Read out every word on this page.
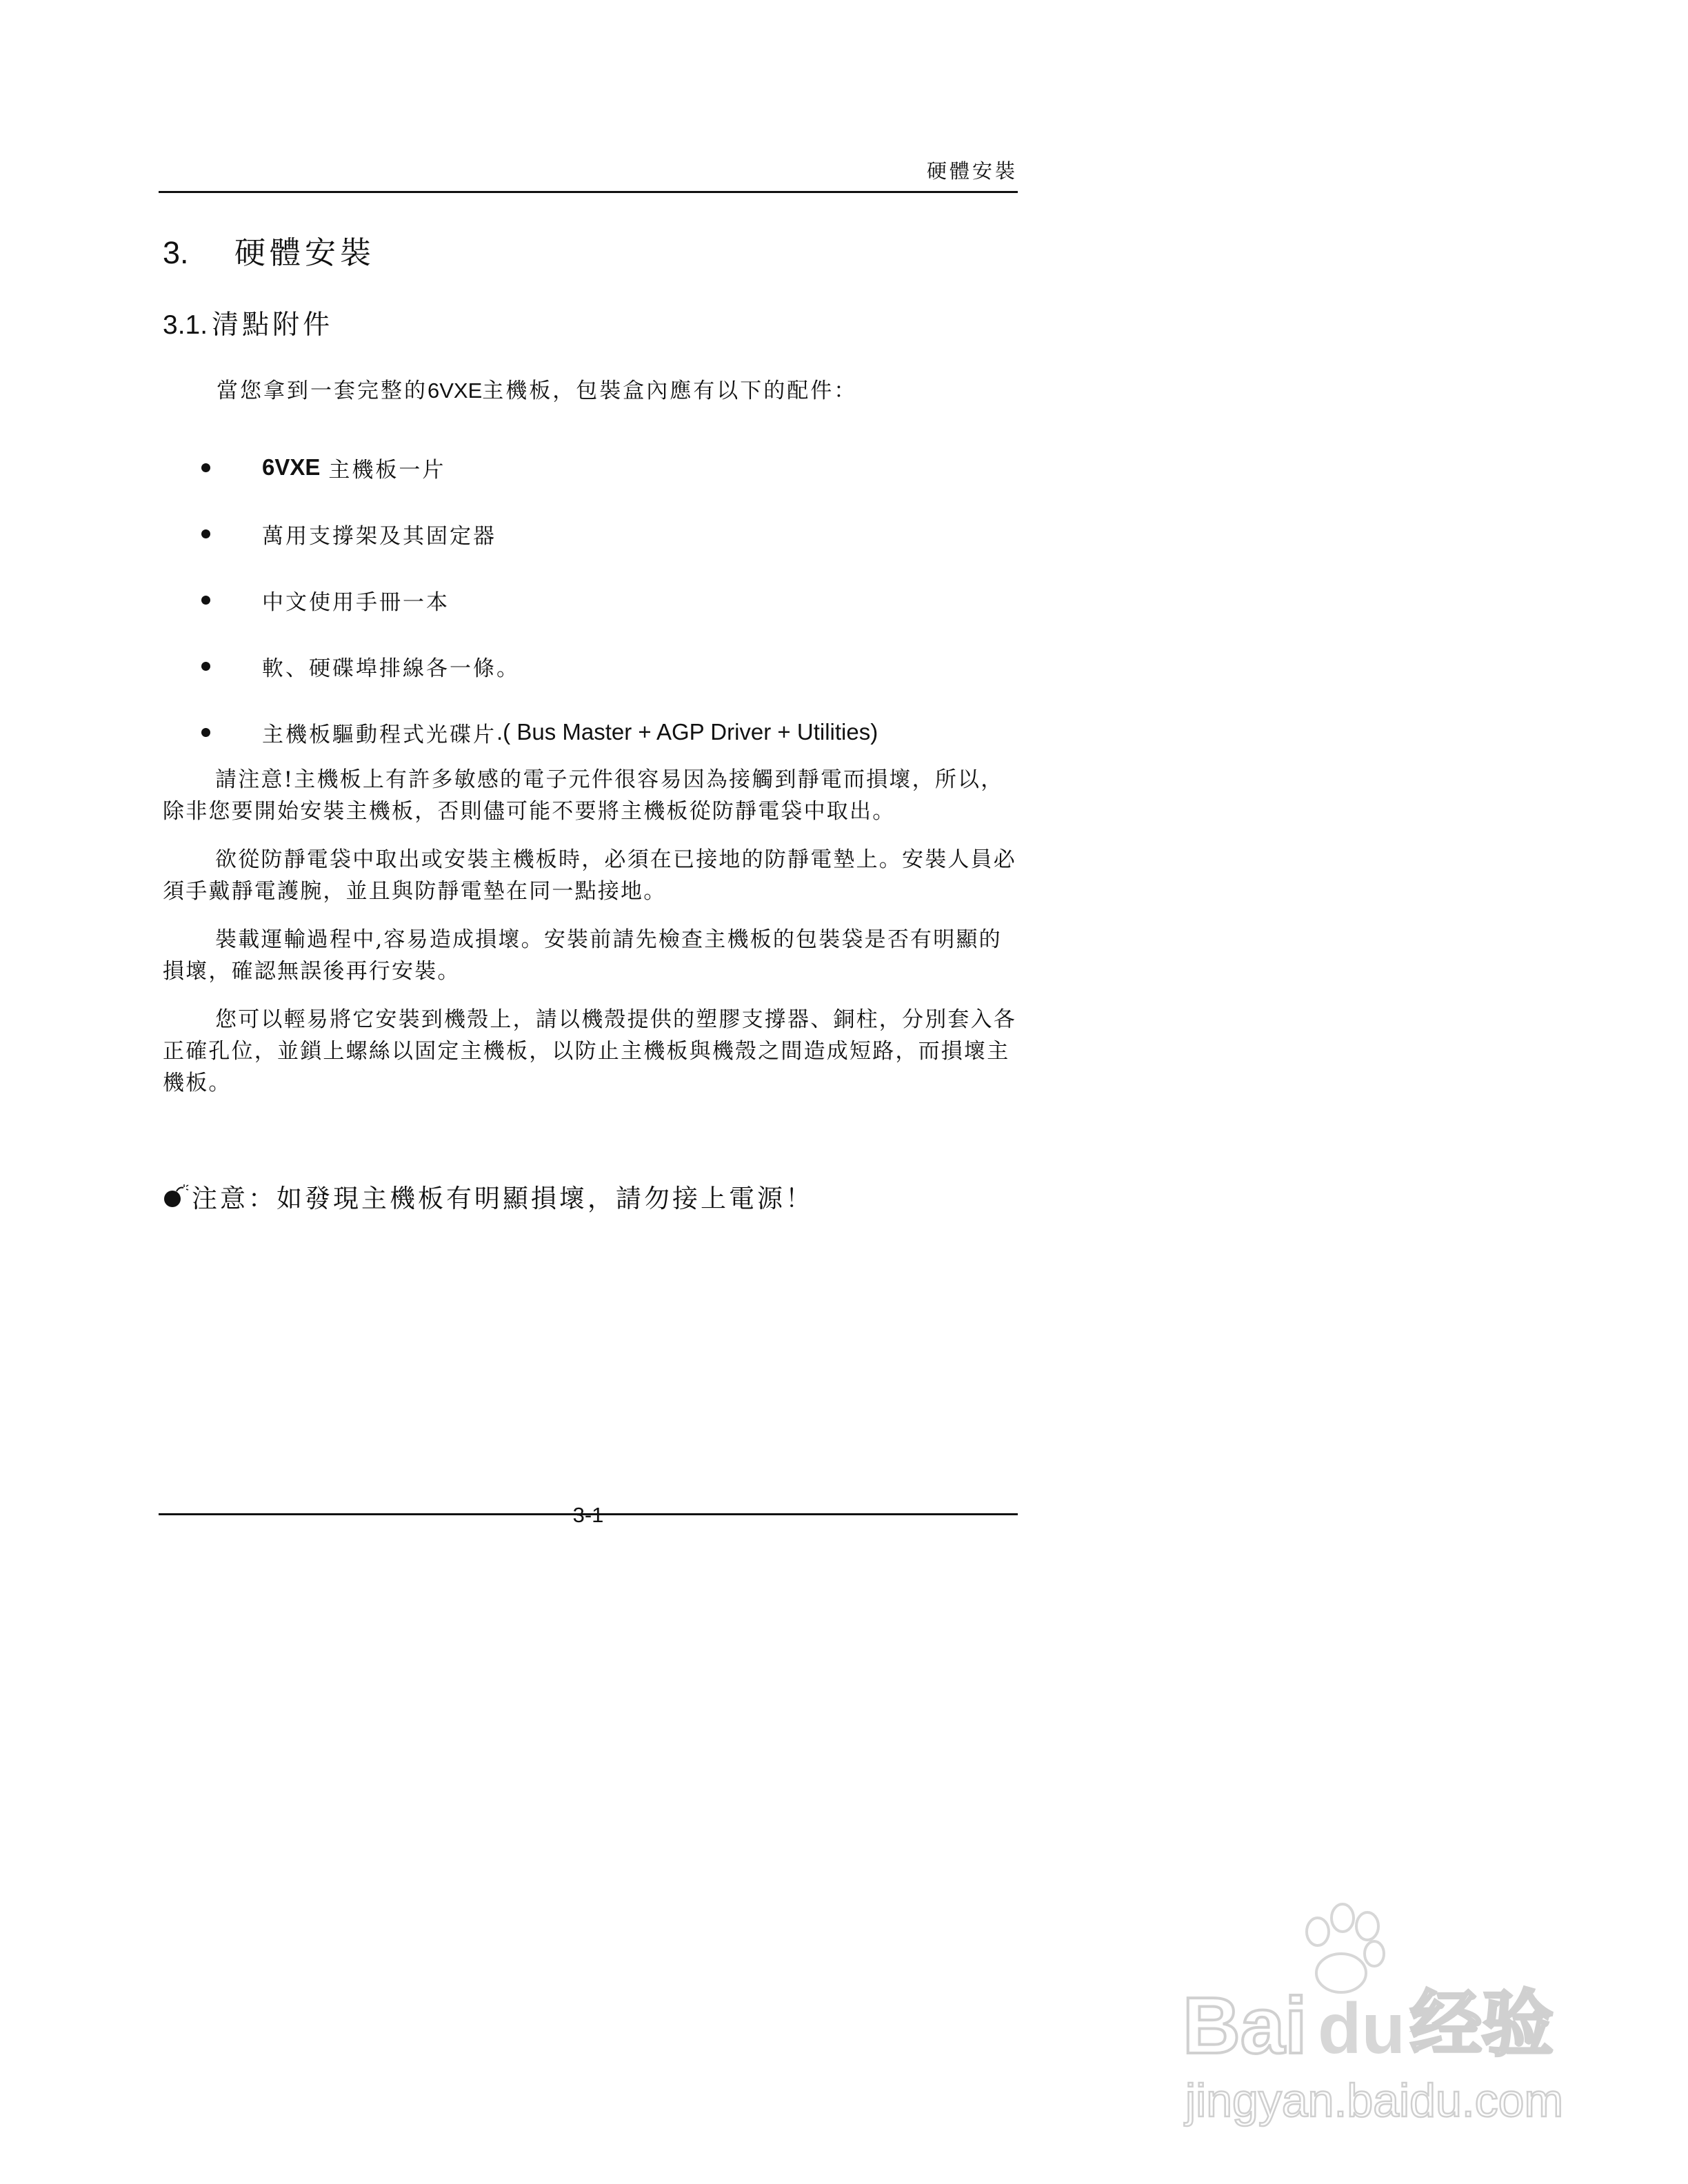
硬體安裝
3.	硬體安裝
3.1. 清點附件
當您拿到一套完整的6VXE主機板，包裝盒內應有以下的配件：
6VXE 主機板一片
萬用支撐架及其固定器
中文使用手冊一本
軟、硬碟埠排線各一條。
主機板驅動程式光碟片 .( Bus Master + AGP Driver + Utilities)

請注意!主機板上有許多敏感的電子元件很容易因為接觸到靜電而損壞，所以，除非您要開始安裝主機板，否則儘可能不要將主機板從防靜電袋中取出。

欲從防靜電袋中取出或安裝主機板時，必須在已接地的防靜電墊上。安裝人員必須手戴靜電護腕，並且與防靜電墊在同一點接地。

裝載運輸過程中,容易造成損壞。安裝前請先檢查主機板的包裝袋是否有明顯的損壞，確認無誤後再行安裝。

您可以輕易將它安裝到機殼上，請以機殼提供的塑膠支撐器、銅柱，分別套入各正確孔位，並鎖上螺絲以固定主機板，以防止主機板與機殼之間造成短路，而損壞主機板。

注意：如發現主機板有明顯損壞，請勿接上電源！
3-1
Bai du 经验
jingyan.baidu.com
